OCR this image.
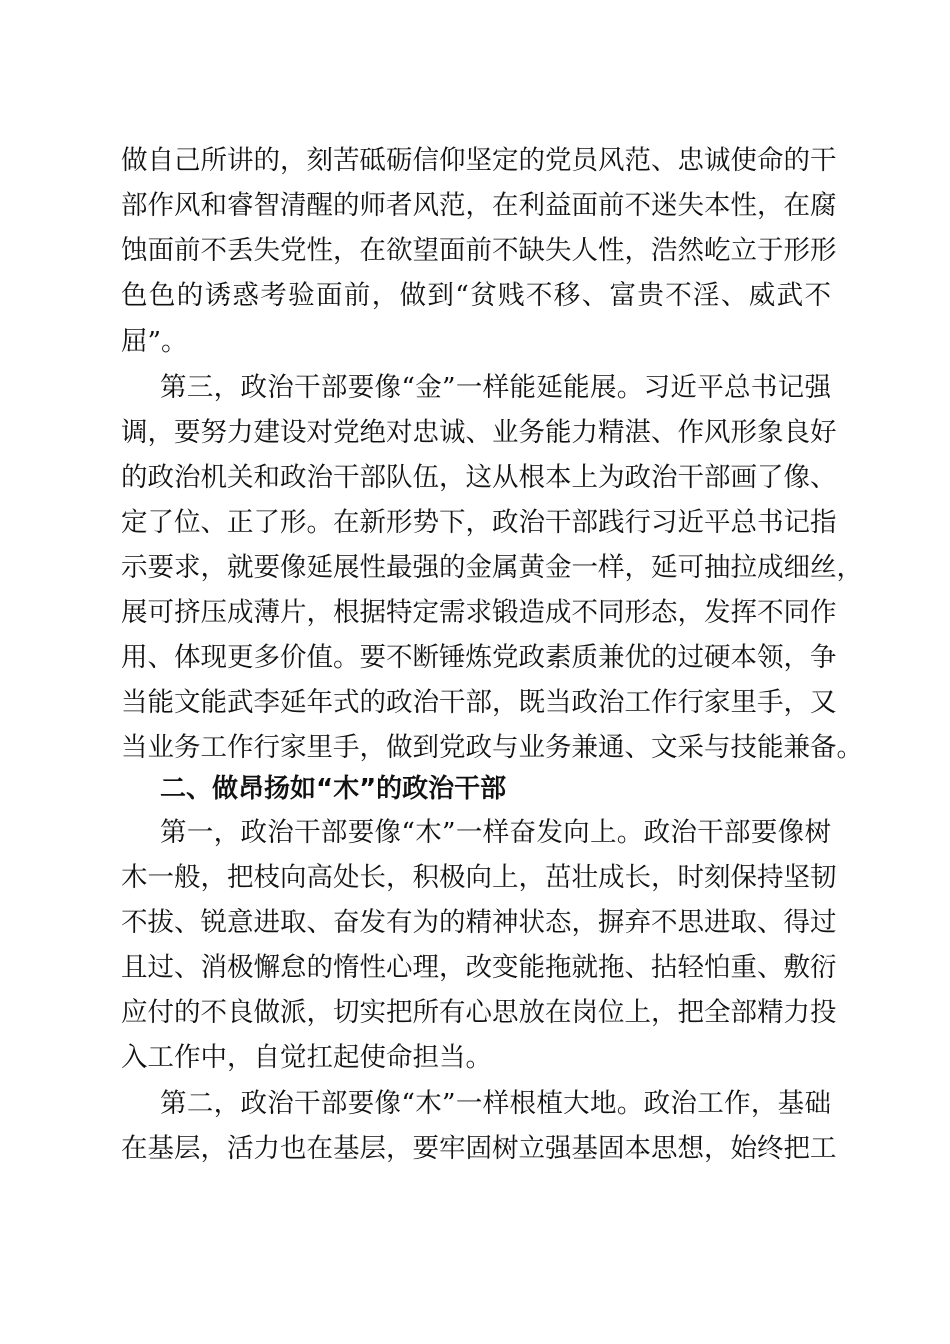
做自己所讲的，刻苦砥砺信仰坚定的党员风范、忠诚使命的干
部作风和睿智清醒的师者风范，在利益面前不迷失本性，在腐
蚀面前不丢失党性，在欲望面前不缺失人性，浩然屹立于形形
色色的诱惑考验面前，做到“贫贱不移、富贵不淫、威武不
屈”。
第三，政治干部要像“金”一样能延能展。习近平总书记强
调，要努力建设对党绝对忠诚、业务能力精湛、作风形象良好
的政治机关和政治干部队伍，这从根本上为政治干部画了像、
定了位、正了形。在新形势下，政治干部践行习近平总书记指
示要求，就要像延展性最强的金属黄金一样，延可抽拉成细丝，
展可挤压成薄片，根据特定需求锻造成不同形态，发挥不同作
用、体现更多价值。要不断锤炼党政素质兼优的过硬本领，争
当能文能武李延年式的政治干部，既当政治工作行家里手，又
当业务工作行家里手，做到党政与业务兼通、文采与技能兼备。
二、做昂扬如“木”的政治干部
第一，政治干部要像“木”一样奋发向上。政治干部要像树
木一般，把枝向高处长，积极向上，茁壮成长，时刻保持坚韧
不拔、锐意进取、奋发有为的精神状态，摒弃不思进取、得过
且过、消极懈怠的惰性心理，改变能拖就拖、拈轻怕重、敷衍
应付的不良做派，切实把所有心思放在岗位上，把全部精力投
入工作中，自觉扛起使命担当。
第二，政治干部要像“木”一样根植大地。政治工作，基础
在基层，活力也在基层，要牢固树立强基固本思想，始终把工
